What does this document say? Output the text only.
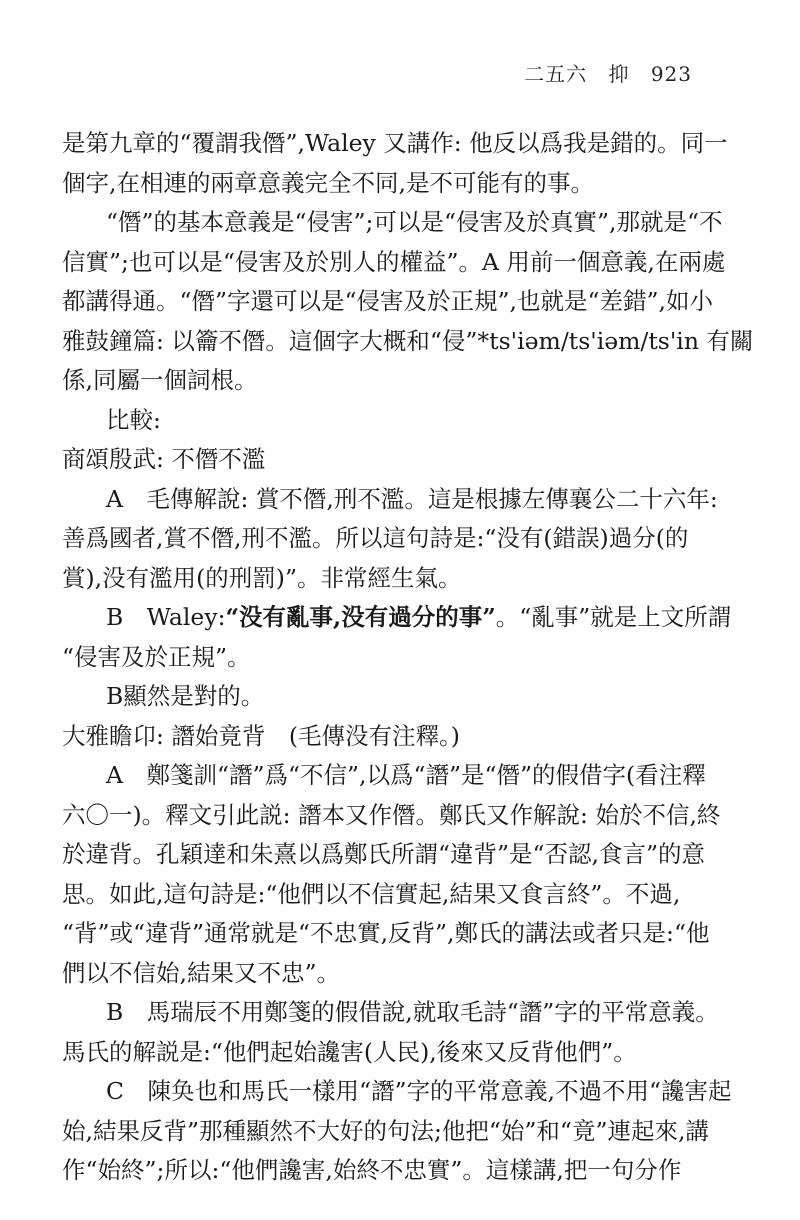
二五六 抑 923
是第九章的“覆謂我僭”,Waley 又講作: 他反以爲我是錯的。同一
個字,在相連的兩章意義完全不同,是不可能有的事。
“僭”的基本意義是“侵害”;可以是“侵害及於真實”,那就是“不
信實”;也可以是“侵害及於別人的權益”。A 用前一個意義,在兩處
都講得通。“僭”字還可以是“侵害及於正規”,也就是“差錯”,如小
雅鼓鐘篇: 以籥不僭。這個字大概和“侵”*ts'iəm/ts'iəm/ts'in 有關
係,同屬一個詞根。
比較:
商頌殷武: 不僭不濫
A　毛傳解說: 賞不僭,刑不濫。這是根據左傳襄公二十六年:
善爲國者,賞不僭,刑不濫。所以這句詩是:“没有(錯誤)過分(的
賞),没有濫用(的刑罰)”。非常經生氣。
B　Waley:“没有亂事,没有過分的事”。“亂事”就是上文所謂
“侵害及於正規”。
B顯然是對的。
大雅瞻卬: 譖始竟背　(毛傳没有注釋。)
A　鄭箋訓“譖”爲“不信”,以爲“譖”是“僭”的假借字(看注釋
六〇一)。釋文引此説: 譖本又作僭。鄭氏又作解說: 始於不信,終
於違背。孔穎達和朱熹以爲鄭氏所謂“違背”是“否認,食言”的意
思。如此,這句詩是:“他們以不信實起,結果又食言終”。不過,
“背”或“違背”通常就是“不忠實,反背”,鄭氏的講法或者只是:“他
們以不信始,結果又不忠”。
B　馬瑞辰不用鄭箋的假借說,就取毛詩“譖”字的平常意義。
馬氏的解説是:“他們起始讒害(人民),後來又反背他們”。
C　陳奂也和馬氏一樣用“譖”字的平常意義,不過不用“讒害起
始,結果反背”那種顯然不大好的句法;他把“始”和“竟”連起來,講
作“始終”;所以:“他們讒害,始終不忠實”。這樣講,把一句分作
